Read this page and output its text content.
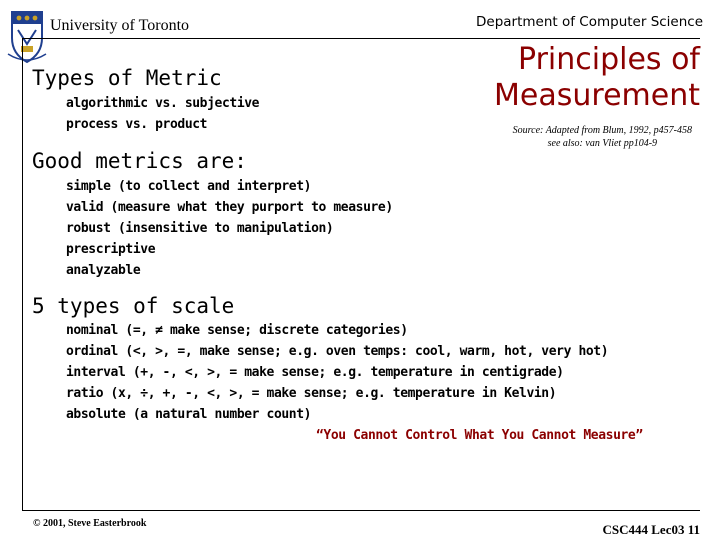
University of Toronto	Department of Computer Science
Principles of
Measurement
Source: Adapted from Blum, 1992, p457-458
see also: van Vliet pp104-9
Types of Metric
algorithmic vs. subjective
process vs. product
Good metrics are:
simple (to collect and interpret)
valid (measure what they purport to measure)
robust (insensitive to manipulation)
prescriptive
analyzable
5 types of scale
nominal (=, ≠ make sense; discrete categories)
ordinal (<, >, =, make sense; e.g. oven temps: cool, warm, hot, very hot)
interval (+, -, <, >, = make sense; e.g. temperature in centigrade)
ratio (x, ÷, +, -, <, >, = make sense; e.g. temperature in Kelvin)
absolute (a natural number count)
“You Cannot Control What You Cannot Measure”
© 2001, Steve Easterbrook	CSC444 Lec03 11
